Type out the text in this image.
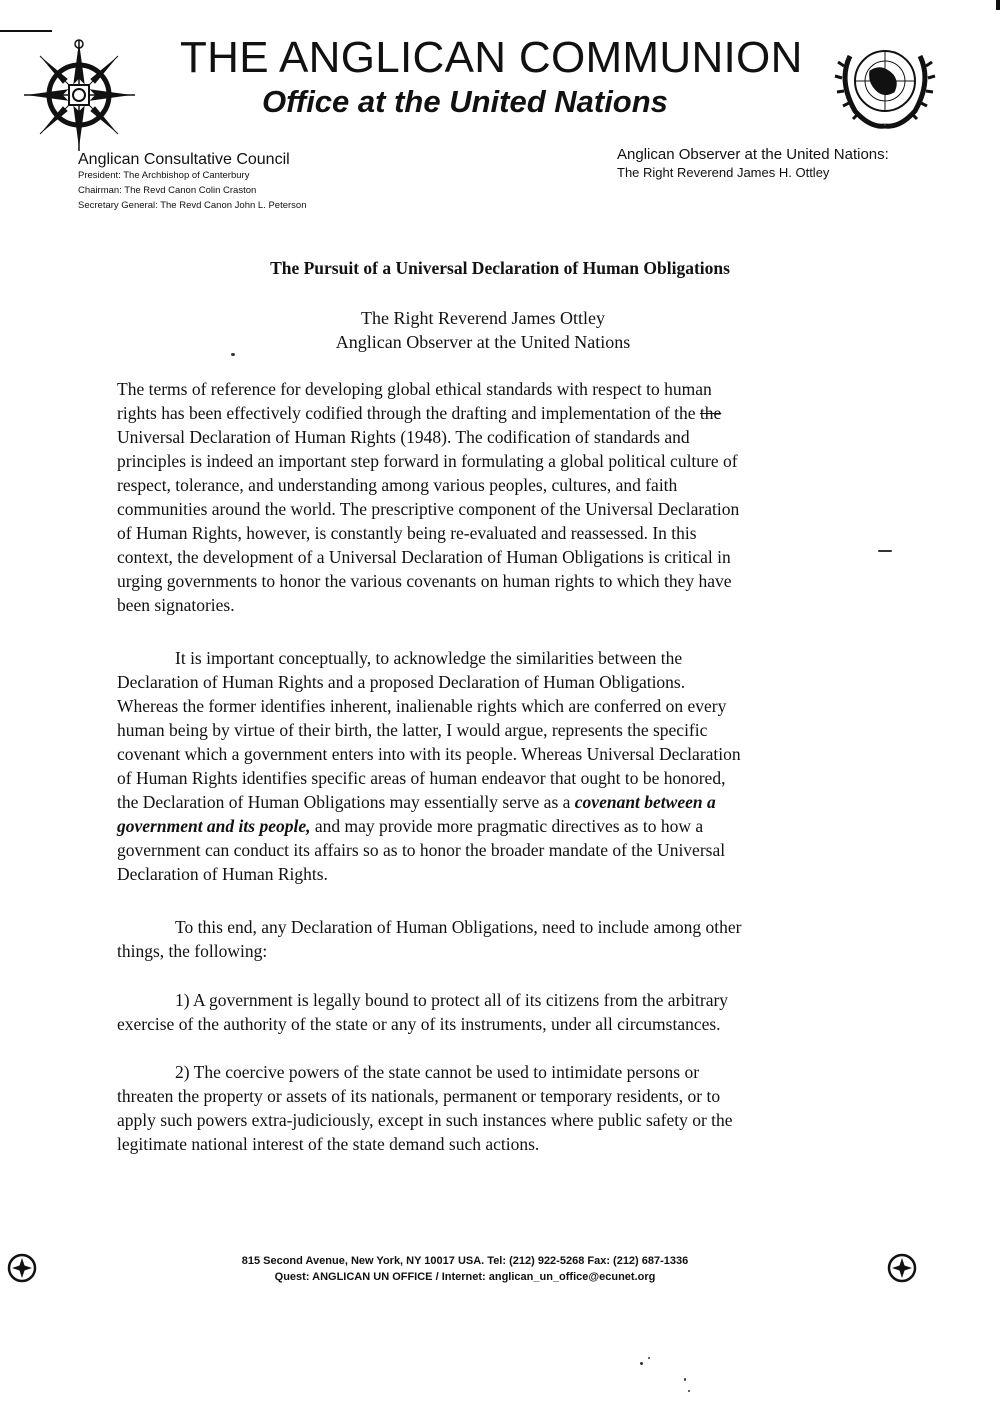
THE ANGLICAN COMMUNION
Office at the United Nations
Anglican Consultative Council
President: The Archbishop of Canterbury
Chairman: The Revd Canon Colin Craston
Secretary General: The Revd Canon John L. Peterson
Anglican Observer at the United Nations:
The Right Reverend James H. Ottley
The Pursuit of a Universal Declaration of Human Obligations
The Right Reverend James Ottley
Anglican Observer at the United Nations

The terms of reference for developing global ethical standards with respect to human

rights has been effectively codified through the drafting and implementation of the the

Universal Declaration of Human Rights (1948). The codification of standards and

principles is indeed an important step forward in formulating a global political culture of

respect, tolerance, and understanding among various peoples, cultures, and faith

communities around the world. The prescriptive component of the Universal Declaration

of Human Rights, however, is constantly being re-evaluated and reassessed. In this

context, the development of a Universal Declaration of Human Obligations is critical in

urging governments to honor the various covenants on human rights to which they have

been signatories.

It is important conceptually, to acknowledge the similarities between the

Declaration of Human Rights and a proposed Declaration of Human Obligations.

Whereas the former identifies inherent, inalienable rights which are conferred on every

human being by virtue of their birth, the latter, I would argue, represents the specific

covenant which a government enters into with its people. Whereas Universal Declaration

of Human Rights identifies specific areas of human endeavor that ought to be honored,

the Declaration of Human Obligations may essentially serve as a covenant between a

government and its people, and may provide more pragmatic directives as to how a

government can conduct its affairs so as to honor the broader mandate of the Universal

Declaration of Human Rights.

To this end, any Declaration of Human Obligations, need to include among other

things, the following:

1) A government is legally bound to protect all of its citizens from the arbitrary

exercise of the authority of the state or any of its instruments, under all circumstances.

2) The coercive powers of the state cannot be used to intimidate persons or

threaten the property or assets of its nationals, permanent or temporary residents, or to

apply such powers extra-judiciously, except in such instances where public safety or the

legitimate national interest of the state demand such actions.

815 Second Avenue, New York, NY 10017 USA. Tel: (212) 922-5268 Fax: (212) 687-1336
Quest: ANGLICAN UN OFFICE / Internet: anglican_un_office@ecunet.org
